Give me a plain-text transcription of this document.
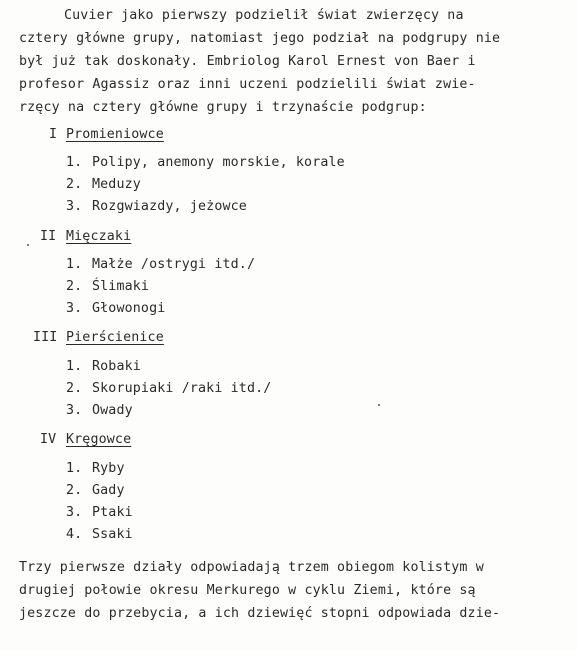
Cuvier jako pierwszy podzielił świat zwierzęcy na
cztery główne grupy, natomiast jego podział na podgrupy nie
był już tak doskonały. Embriolog Karol Ernest von Baer i
profesor Agassiz oraz inni uczeni podzielili świat zwie-
rzęcy na cztery główne grupy i trzynaście podgrup:
I Promieniowce
1. Polipy, anemony morskie, korale
2. Meduzy
3. Rozgwiazdy, jeżowce
II Mięczaki
1. Małże /ostrygi itd./
2. Ślimaki
3. Głowonogi
III Pierścienice
1. Robaki
2. Skorupiaki /raki itd./
3. Owady
IV Kręgowce
1. Ryby
2. Gady
3. Ptaki
4. Ssaki
Trzy pierwsze działy odpowiadają trzem obiegom kolistym w
drugiej połowie okresu Merkurego w cyklu Ziemi, które są
jeszcze do przebycia, a ich dziewięć stopni odpowiada dzie-
